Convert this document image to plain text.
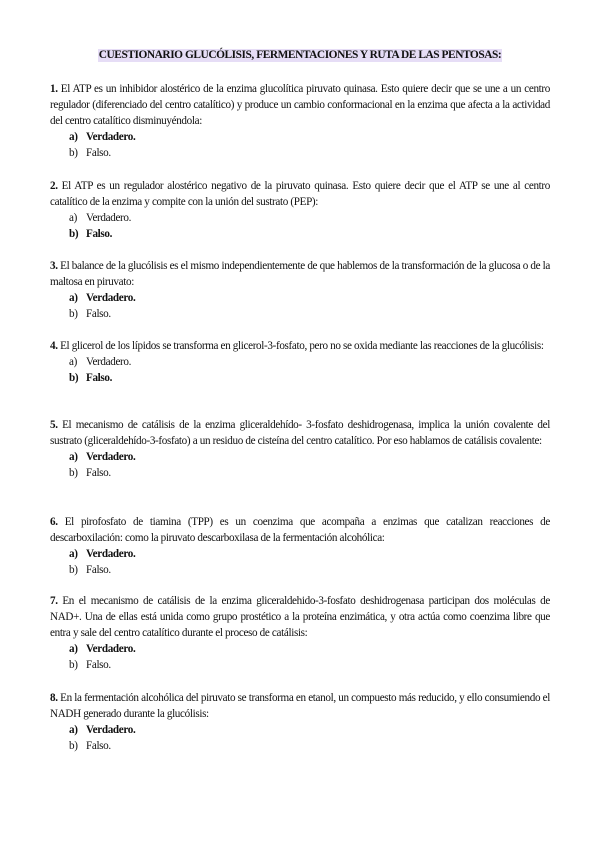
CUESTIONARIO GLUCÓLISIS, FERMENTACIONES Y RUTA DE LAS PENTOSAS:

1. El ATP es un inhibidor alostérico de la enzima glucolítica piruvato quinasa. Esto quiere decir que se une a un centro regulador (diferenciado del centro catalítico) y produce un cambio conformacional en la enzima que afecta a la actividad del centro catalítico disminuyéndola:

a) Verdadero.
b) Falso.

2. El ATP es un regulador alostérico negativo de la piruvato quinasa. Esto quiere decir que el ATP se une al centro catalítico de la enzima y compite con la unión del sustrato (PEP):

a) Verdadero.
b) Falso.

3. El balance de la glucólisis es el mismo independientemente de que hablemos de la transformación de la glucosa o de la maltosa en piruvato:

a) Verdadero.
b) Falso.

4. El glicerol de los lípidos se transforma en glicerol-3-fosfato, pero no se oxida mediante las reacciones de la glucólisis:

a) Verdadero.
b) Falso.

5. El mecanismo de catálisis de la enzima gliceraldehído- 3-fosfato deshidrogenasa, implica la unión covalente del sustrato (gliceraldehído-3-fosfato) a un residuo de cisteína del centro catalítico. Por eso hablamos de catálisis covalente:

a) Verdadero.
b) Falso.

6. El pirofosfato de tiamina (TPP) es un coenzima que acompaña a enzimas que catalizan reacciones de descarboxilación: como la piruvato descarboxilasa de la fermentación alcohólica:

a) Verdadero.
b) Falso.

7. En el mecanismo de catálisis de la enzima gliceraldehido-3-fosfato deshidrogenasa participan dos moléculas de NAD+. Una de ellas está unida como grupo prostético a la proteína enzimática, y otra actúa como coenzima libre que entra y sale del centro catalítico durante el proceso de catálisis:

a) Verdadero.
b) Falso.

8. En la fermentación alcohólica del piruvato se transforma en etanol, un compuesto más reducido, y ello consumiendo el NADH generado durante la glucólisis:

a) Verdadero.
b) Falso.
